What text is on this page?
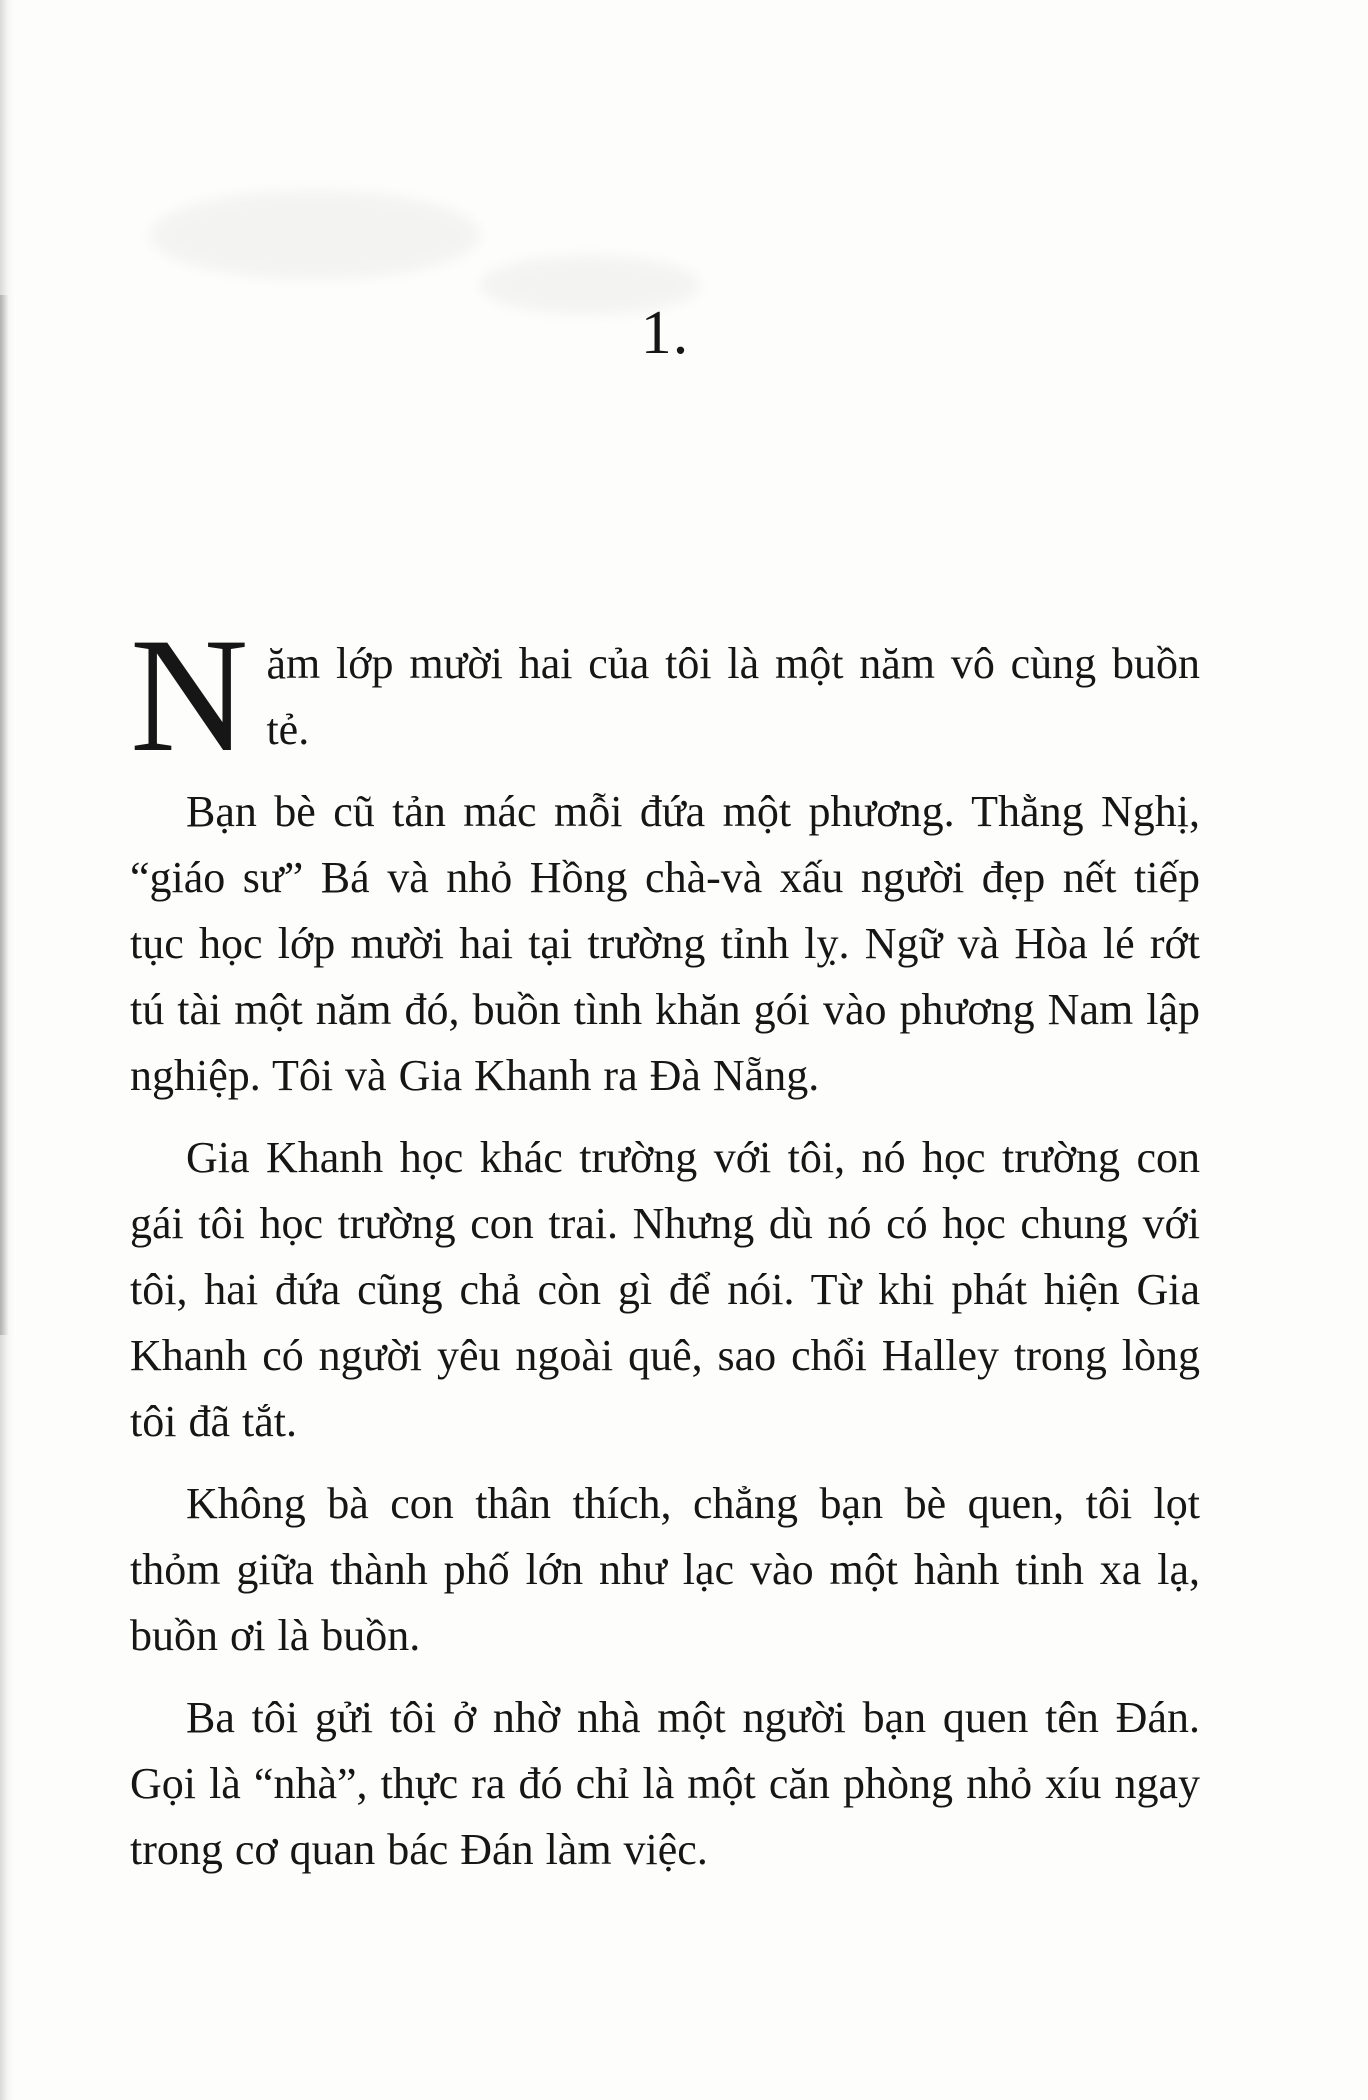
1.

Năm lớp mười hai của tôi là một năm vô cùng buồn tẻ.

Bạn bè cũ tản mác mỗi đứa một phương. Thằng Nghị, “giáo sư” Bá và nhỏ Hồng chà-và xấu người đẹp nết tiếp tục học lớp mười hai tại trường tỉnh lỵ. Ngữ và Hòa lé rớt tú tài một năm đó, buồn tình khăn gói vào phương Nam lập nghiệp. Tôi và Gia Khanh ra Đà Nẵng.

Gia Khanh học khác trường với tôi, nó học trường con gái tôi học trường con trai. Nhưng dù nó có học chung với tôi, hai đứa cũng chả còn gì để nói. Từ khi phát hiện Gia Khanh có người yêu ngoài quê, sao chổi Halley trong lòng tôi đã tắt.

Không bà con thân thích, chẳng bạn bè quen, tôi lọt thỏm giữa thành phố lớn như lạc vào một hành tinh xa lạ, buồn ơi là buồn.

Ba tôi gửi tôi ở nhờ nhà một người bạn quen tên Đán. Gọi là “nhà”, thực ra đó chỉ là một căn phòng nhỏ xíu ngay trong cơ quan bác Đán làm việc.
